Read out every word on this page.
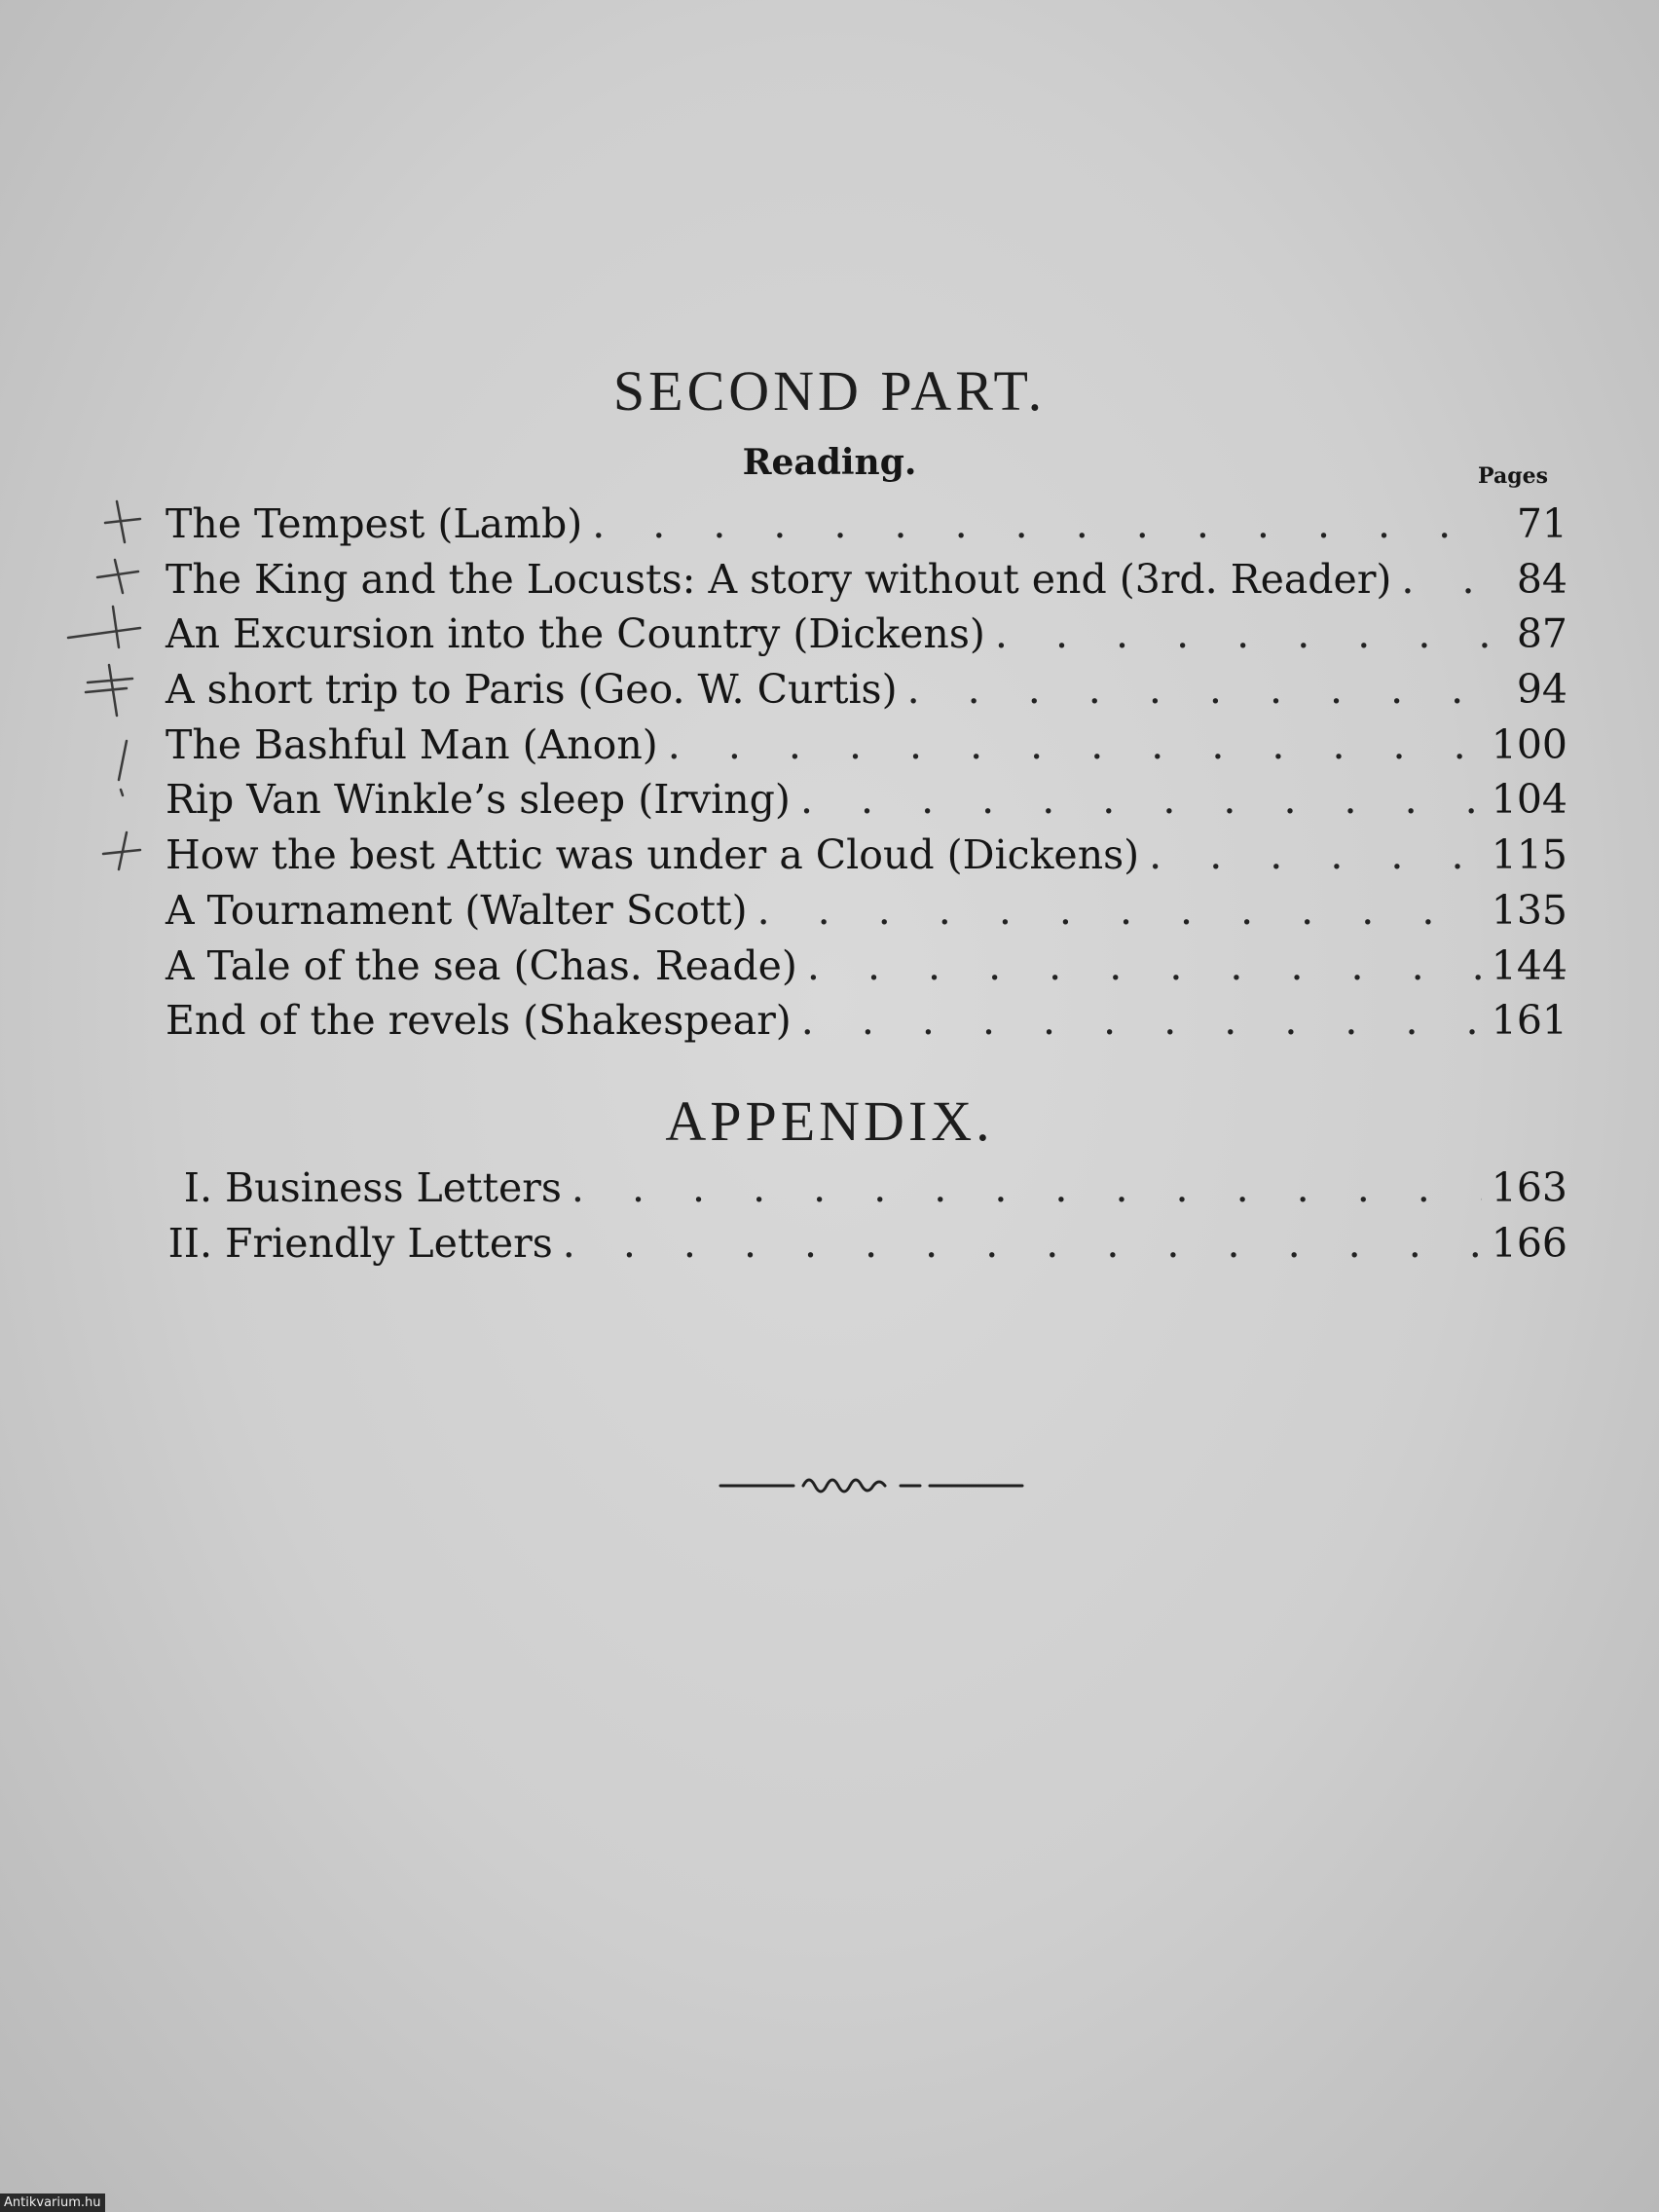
SECOND PART.
Reading.	Pages
The Tempest (Lamb) . . .	71
The King and the Locusts: A story without end (3rd. Reader) . . .	84
An Excursion into the Country (Dickens) . . .	87
A short trip to Paris (Geo. W. Curtis) . . .	94
The Bashful Man (Anon) . . .	100
Rip Van Winkle’s sleep (Irving) . . .	104
How the best Attic was under a Cloud (Dickens) . . .	115
A Tournament (Walter Scott) . . .	135
A Tale of the sea (Chas. Reade) . . .	144
End of the revels (Shakespear) . . .	161
APPENDIX.
I. Business Letters . . .	163
II. Friendly Letters . . .	166
Antikvarium.hu
